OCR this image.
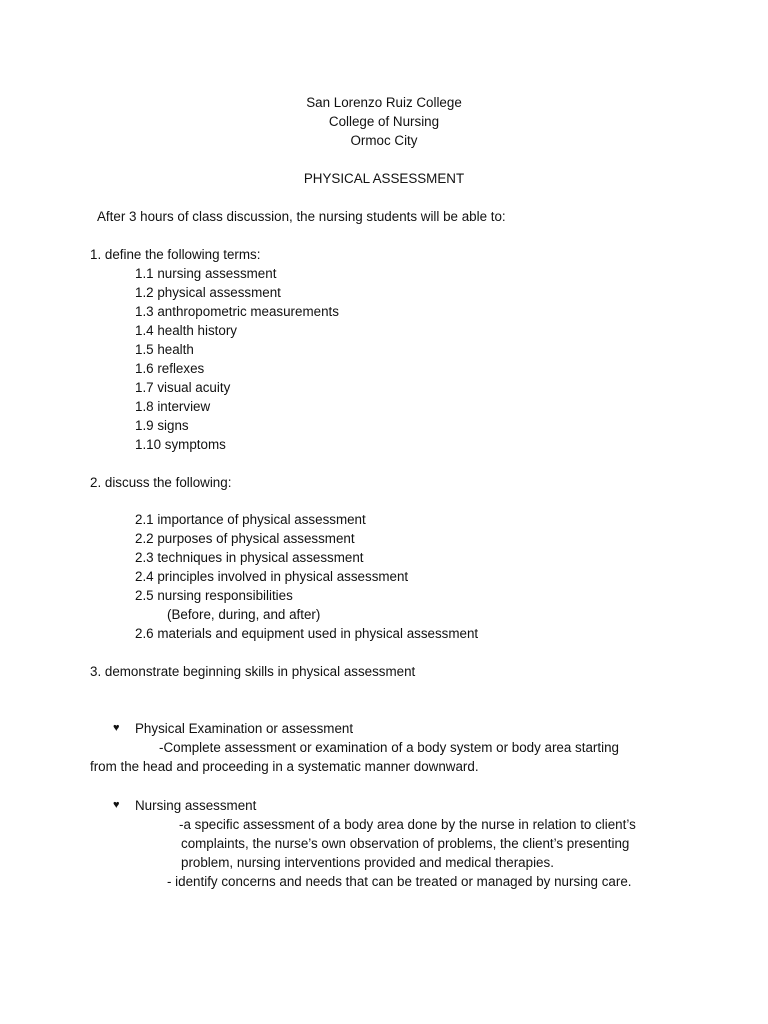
San Lorenzo Ruiz College

College of Nursing

Ormoc City

PHYSICAL ASSESSMENT

After 3 hours of class discussion, the nursing students will be able to:

1. define the following terms:

1.1 nursing assessment

1.2 physical assessment

1.3 anthropometric measurements

1.4 health history

1.5 health

1.6 reflexes

1.7 visual acuity

1.8 interview

1.9 signs

1.10 symptoms

2. discuss the following:

2.1 importance of physical assessment

2.2 purposes of physical assessment

2.3 techniques in physical assessment

2.4 principles involved in physical assessment

2.5 nursing responsibilities

(Before, during, and after)

2.6 materials and equipment used in physical assessment

3. demonstrate beginning skills in physical assessment

♥ Physical Examination or assessment

-Complete assessment or examination of a body system or body area starting

from the head and proceeding in a systematic manner downward.

♥ Nursing assessment

-a specific assessment of a body area done by the nurse in relation to client’s

complaints, the nurse’s own observation of problems, the client’s presenting

problem, nursing interventions provided and medical therapies.

- identify concerns and needs that can be treated or managed by nursing care.
